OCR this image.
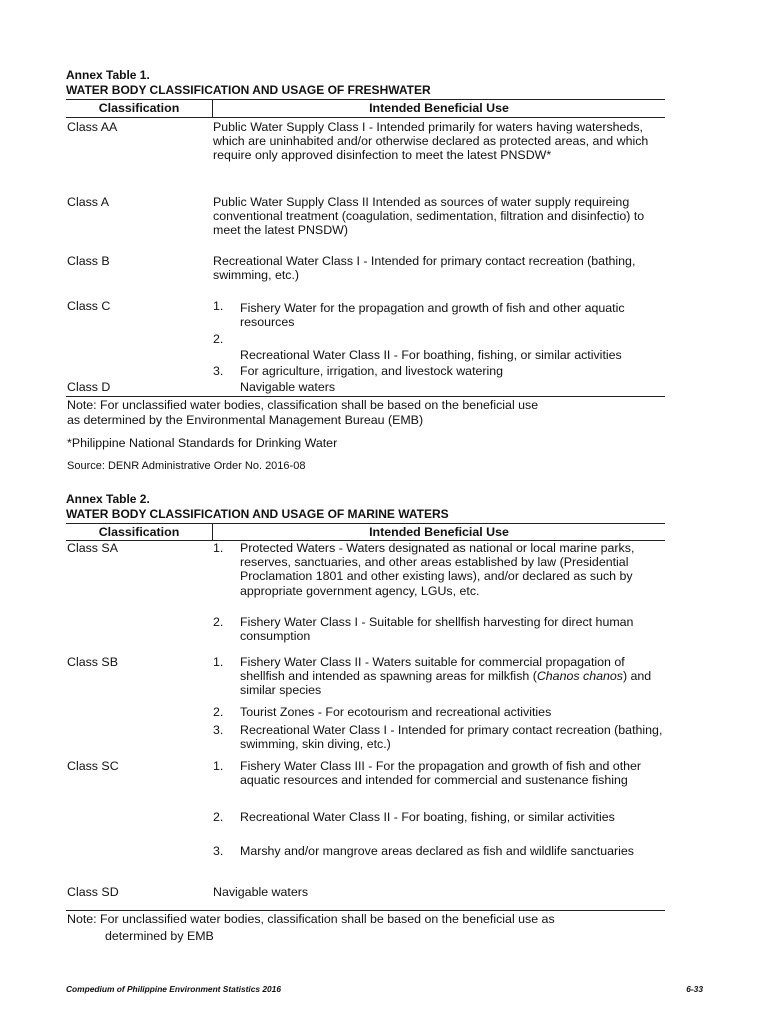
Annex Table 1.
WATER BODY CLASSIFICATION AND USAGE OF FRESHWATER
Classification	Intended Beneficial Use
Class AA	Public Water Supply Class I - Intended primarily for waters having watersheds, which are uninhabited and/or otherwise declared as protected areas, and which require only approved disinfection to meet the latest PNSDW*
Class A	Public Water Supply Class II Intended as sources of water supply requireing conventional treatment (coagulation, sedimentation, filtration and disinfectio) to meet the latest PNSDW)
Class B	Recreational Water Class I - Intended for primary contact recreation (bathing, swimming, etc.)
Class C	1. Fishery Water for the propagation and growth of fish and other aquatic resources
2.
Recreational Water Class II - For boathing, fishing, or similar activities
3. For agriculture, irrigation, and livestock watering
Class D	Navigable waters
Note: For unclassified water bodies, classification shall be based on the beneficial use
as determined by the Environmental Management Bureau (EMB)
*Philippine National Standards for Drinking Water
Source: DENR Administrative Order No. 2016-08
Annex Table 2.
WATER BODY CLASSIFICATION AND USAGE OF MARINE WATERS
Classification	Intended Beneficial Use
Class SA	1. Protected Waters - Waters designated as national or local marine parks, reserves, sanctuaries, and other areas established by law (Presidential Proclamation 1801 and other existing laws), and/or declared as such by appropriate government agency, LGUs, etc.
2. Fishery Water Class I - Suitable for shellfish harvesting for direct human consumption
Class SB	1. Fishery Water Class II - Waters suitable for commercial propagation of shellfish and intended as spawning areas for milkfish (Chanos chanos) and similar species
2. Tourist Zones - For ecotourism and recreational activities
3. Recreational Water Class I - Intended for primary contact recreation (bathing, swimming, skin diving, etc.)
Class SC	1. Fishery Water Class III - For the propagation and growth of fish and other aquatic resources and intended for commercial and sustenance fishing
2. Recreational Water Class II - For boating, fishing, or similar activities
3. Marshy and/or mangrove areas declared as fish and wildlife sanctuaries
Class SD	Navigable waters
Note: For unclassified water bodies, classification shall be based on the beneficial use as
determined by EMB
Compedium of Philippine Environment Statistics 2016	6-33
